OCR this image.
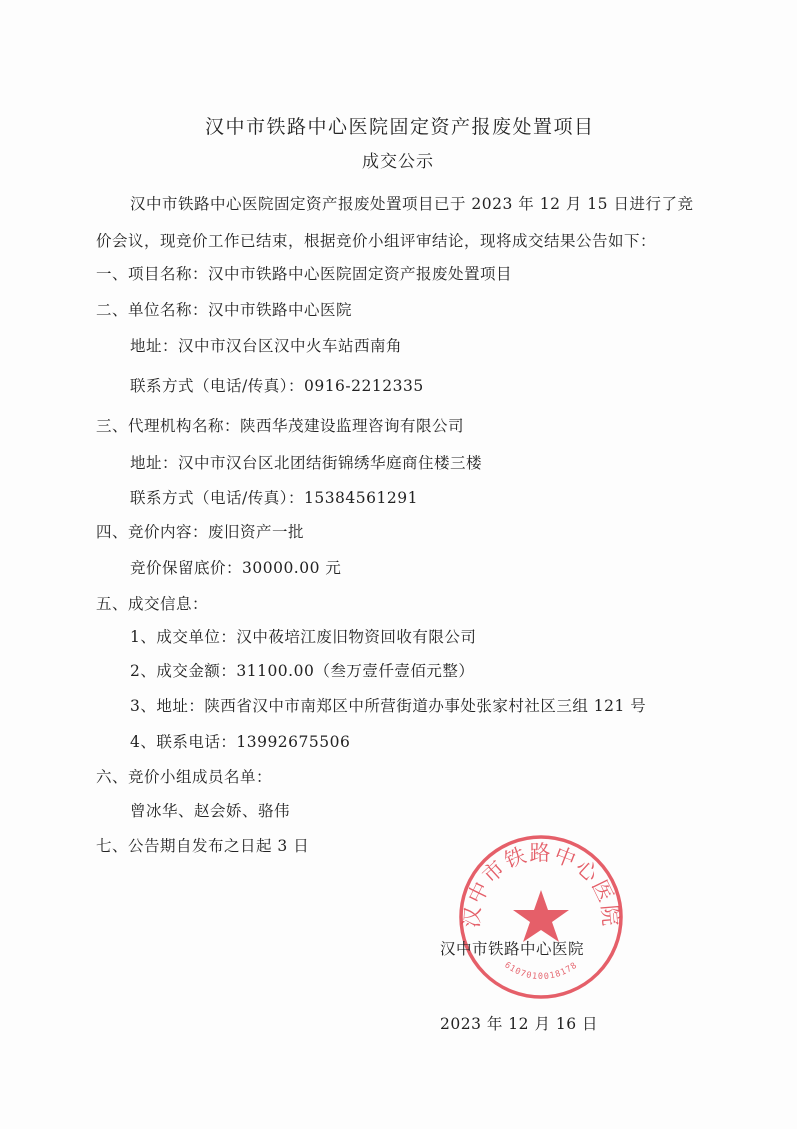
汉中市铁路中心医院固定资产报废处置项目
成交公示
汉中市铁路中心医院固定资产报废处置项目已于 2023 年 12 月 15 日进行了竞
价会议，现竞价工作已结束，根据竞价小组评审结论，现将成交结果公告如下：
一、项目名称：汉中市铁路中心医院固定资产报废处置项目
二、单位名称：汉中市铁路中心医院
地址：汉中市汉台区汉中火车站西南角
联系方式（电话/传真）：0916-2212335
三、代理机构名称：陕西华茂建设监理咨询有限公司
地址：汉中市汉台区北团结街锦绣华庭商住楼三楼
联系方式（电话/传真）：15384561291
四、竞价内容：废旧资产一批
竞价保留底价：30000.00 元
五、成交信息：
1、成交单位：汉中莜培江废旧物资回收有限公司
2、成交金额：31100.00（叁万壹仟壹佰元整）
3、地址：陕西省汉中市南郑区中所营街道办事处张家村社区三组 121 号
4、联系电话：13992675506
六、竞价小组成员名单：
曾冰华、赵会娇、骆伟
七、公告期自发布之日起 3 日
汉中市铁路中心医院
6107010018178
汉中市铁路中心医院
2023 年 12 月 16 日
